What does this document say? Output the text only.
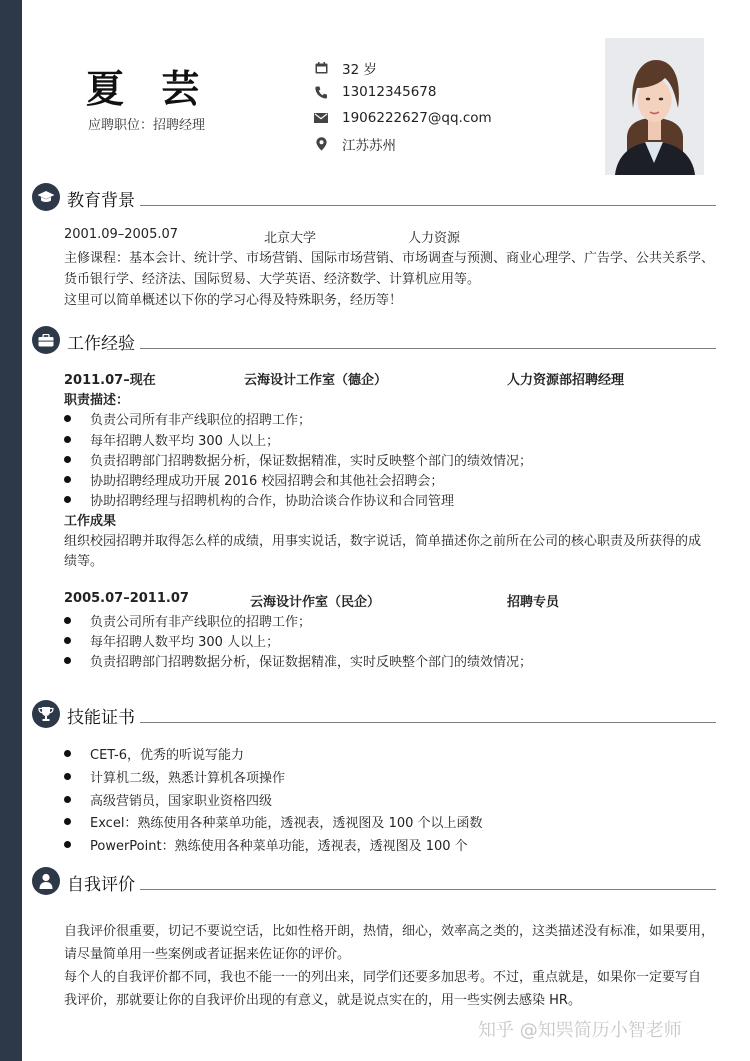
夏 芸
应聘职位：招聘经理
32 岁
13012345678
1906222627@qq.com
江苏苏州
教育背景
2001.09–2005.07	北京大学	人力资源
主修课程：基本会计、统计学、市场营销、国际市场营销、市场调查与预测、商业心理学、广告学、公共关系学、
货币银行学、经济法、国际贸易、大学英语、经济数学、计算机应用等。
这里可以简单概述以下你的学习心得及特殊职务，经历等！
工作经验
2011.07–现在	云海设计工作室（德企）	人力资源部招聘经理
职责描述：
负责公司所有非产线职位的招聘工作；
每年招聘人数平均 300 人以上；
负责招聘部门招聘数据分析，保证数据精准，实时反映整个部门的绩效情况；
协助招聘经理成功开展 2016 校园招聘会和其他社会招聘会；
协助招聘经理与招聘机构的合作，协助洽谈合作协议和合同管理
工作成果
组织校园招聘并取得怎么样的成绩，用事实说话，数字说话，简单描述你之前所在公司的核心职责及所获得的成
绩等。
2005.07–2011.07	云海设计作室（民企）	招聘专员
负责公司所有非产线职位的招聘工作；
每年招聘人数平均 300 人以上；
负责招聘部门招聘数据分析，保证数据精准，实时反映整个部门的绩效情况；
技能证书
CET-6，优秀的听说写能力
计算机二级，熟悉计算机各项操作
高级营销员，国家职业资格四级
Excel：熟练使用各种菜单功能，透视表，透视图及 100 个以上函数
PowerPoint：熟练使用各种菜单功能，透视表，透视图及 100 个
自我评价
自我评价很重要，切记不要说空话，比如性格开朗，热情，细心，效率高之类的，这类描述没有标准，如果要用，
请尽量简单用一些案例或者证据来佐证你的评价。
每个人的自我评价都不同，我也不能一一的列出来，同学们还要多加思考。不过，重点就是，如果你一定要写自
我评价，那就要让你的自我评价出现的有意义，就是说点实在的，用一些实例去感染 HR。
知乎 @知巺简历小智老师
